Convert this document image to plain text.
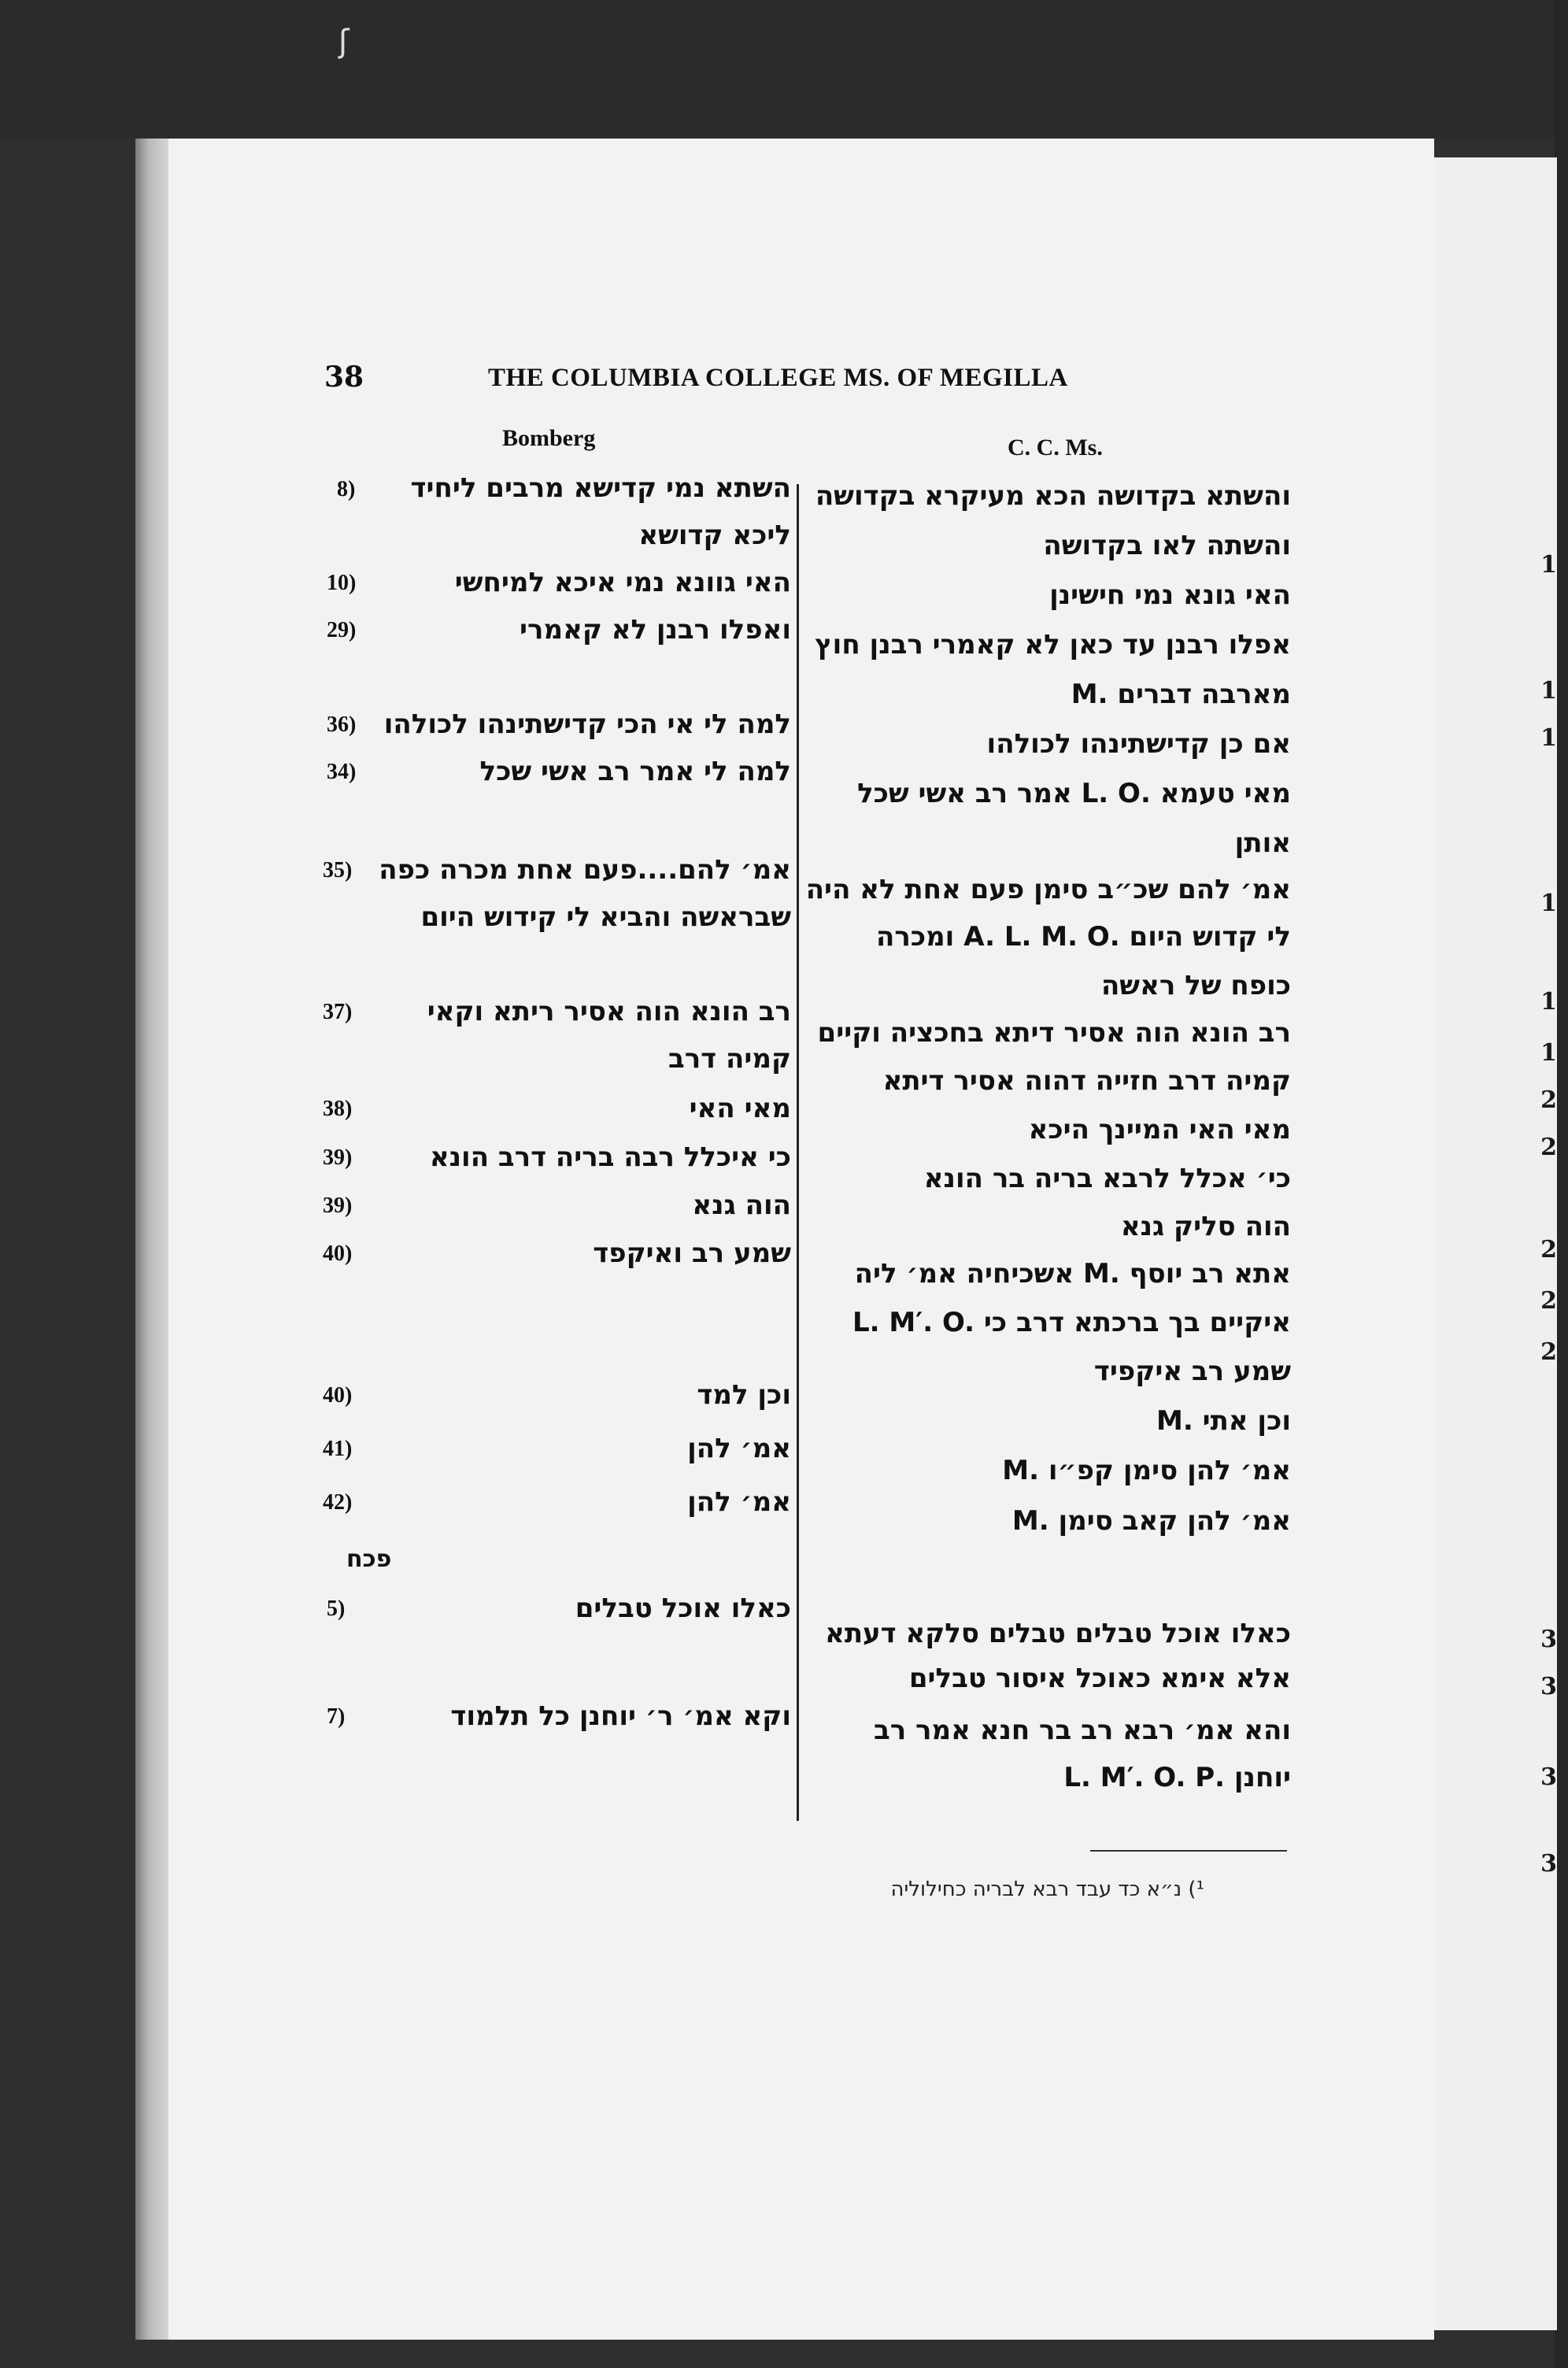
ʃ
1
1
1
1
1
1
2
2
2
2
2
3
3
3
3
38	THE COLUMBIA COLLEGE MS. OF MEGILLA
Bomberg	C. C. Ms.
8)
10)
29)
36)
34)
35)
37)
38)
39)
39)
40)
40)
41)
42)
5)
7)
פכח
השתא נמי קדישא מרבים ליחיד
ליכא קדושא
האי גוונא נמי איכא למיחשי
ואפלו רבנן לא קאמרי
למה לי אי הכי קדישתינהו לכולהו
למה לי אמר רב אשי שכל
אמ׳ להם....פעם אחת מכרה כפה
שבראשה והביא לי קידוש היום
רב הונא הוה אסיר ריתא וקאי
קמיה דרב
מאי האי
כי איכלל רבה בריה דרב הונא
הוה גנא
שמע רב ואיקפד
וכן למד
אמ׳ להן
אמ׳ להן
כאלו אוכל טבלים
וקא אמ׳ ר׳ יוחנן כל תלמוד
והשתא בקדושה הכא מעיקרא בקדושה
והשתה לאו בקדושה
האי גונא נמי חישינן
אפלו רבנן עד כאן לא קאמרי רבנן חוץ
מארבה דברים .M
אם כן קדישתינהו לכולהו
מאי טעמא .L. O אמר רב אשי שכל
אותן
אמ׳ להם שכ״ב סימן פעם אחת לא היה
לי קדוש היום .A. L. M. O ומכרה
כופח של ראשה
רב הונא הוה אסיר דיתא בחכציה וקיים
קמיה דרב חזייה דהוה אסיר דיתא
מאי האי המיינך היכא
כי׳ אכלל לרבא בריה בר הונא
הוה סליק גנא
אתא רב יוסף .M אשכיחיה אמ׳ ליה
L. M′. O. איקיים בך ברכתא דרב כי
שמע רב איקפיד
וכן אתי .M
אמ׳ להן סימן קפ״ו .M
אמ׳ להן קאב סימן .M
כאלו אוכל טבלים טבלים סלקא דעתא
אלא אימא כאוכל איסור טבלים
והא אמ׳ רבא רב בר חנא אמר רב
יוחנן .L. M′. O. P
¹) נ״א כד עבד רבא לבריה כחילוליה
